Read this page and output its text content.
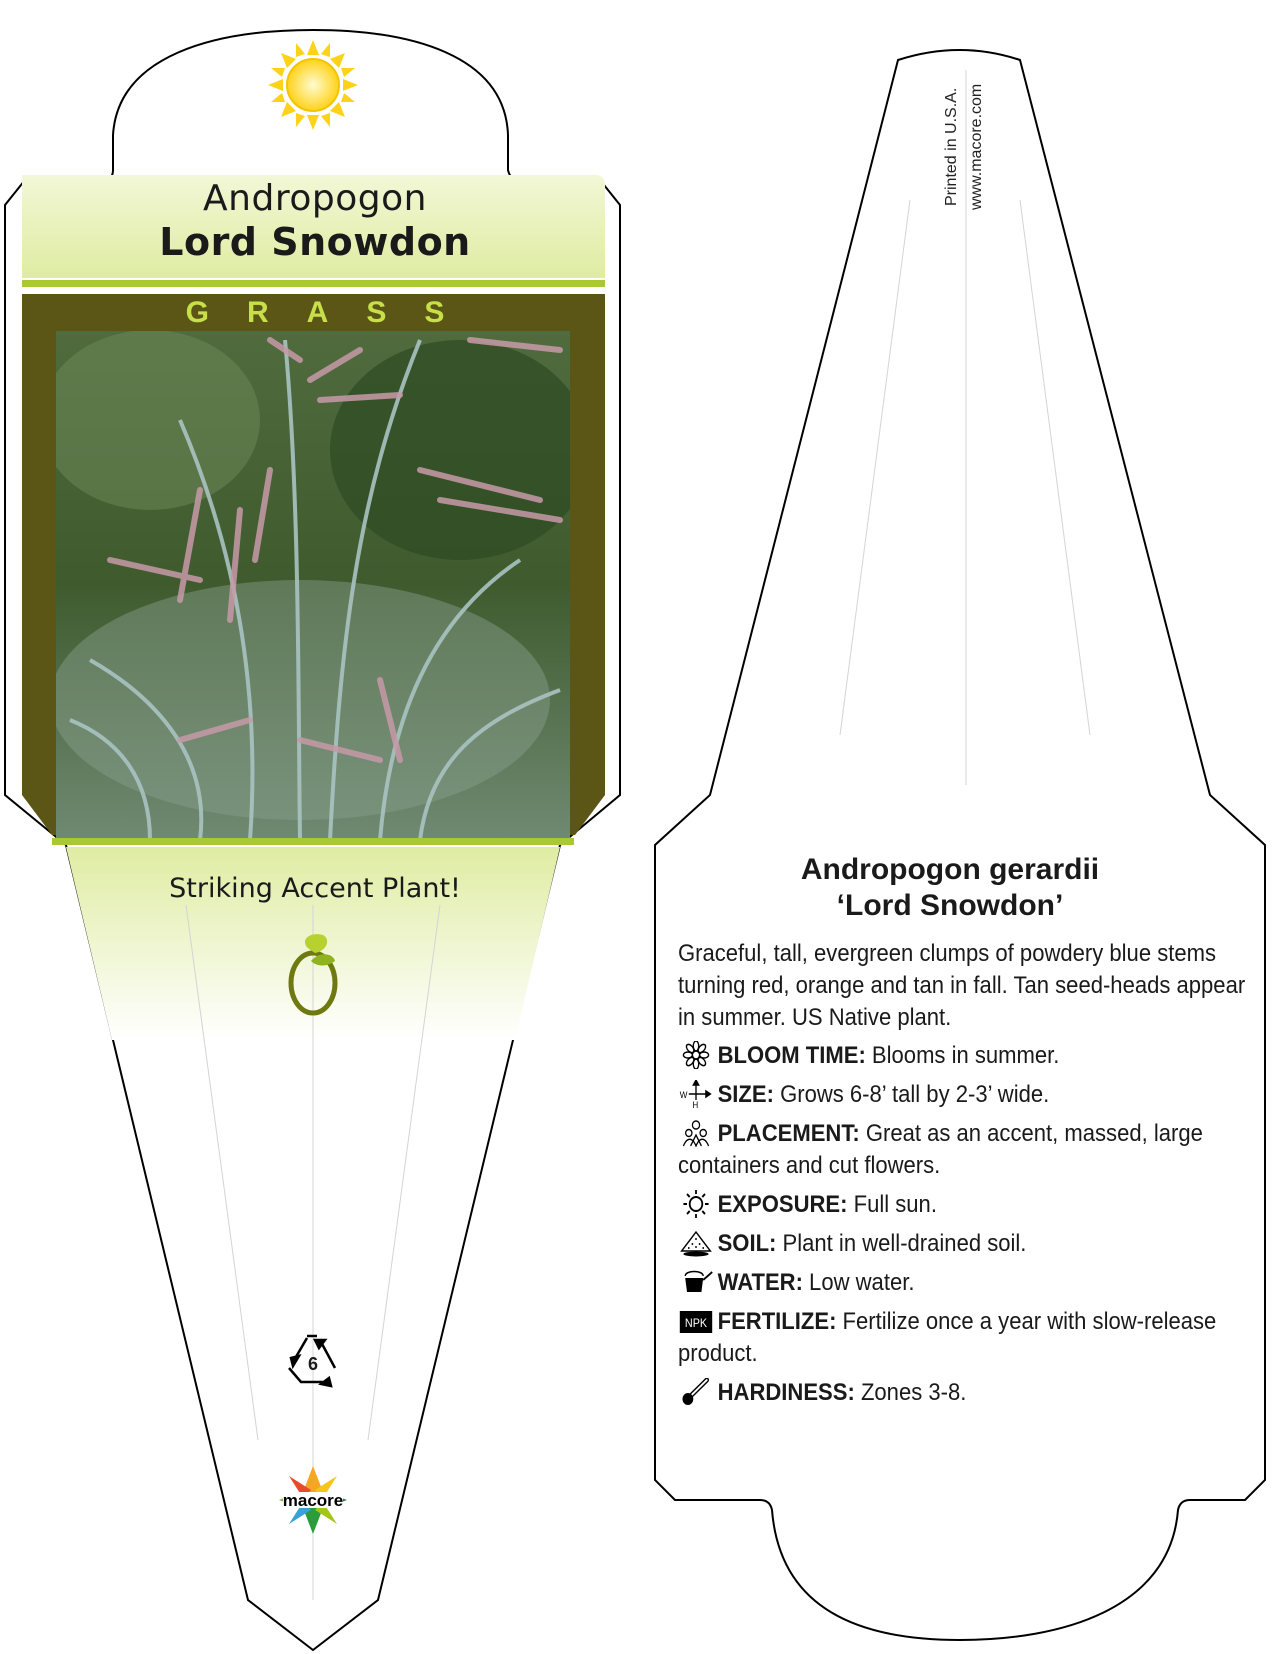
macore
Andropogon
Lord Snowdon
GRASS
Striking Accent Plant!
6
Printed in U.S.A. www.macore.com
Andropogon gerardii
‘Lord Snowdon’

Graceful, tall, evergreen clumps of powdery blue stems turning red, orange and tan in fall. Tan seed-heads appear in summer. US Native plant.

BLOOM TIME: Blooms in summer.
W
H SIZE: Grows 6-8’ tall by 2-3’ wide.
PLACEMENT: Great as an accent, massed, large containers and cut flowers.
EXPOSURE: Full sun.
SOIL: Plant in well-drained soil.
WATER: Low water.
NPK FERTILIZE: Fertilize once a year with slow-release product.
HARDINESS: Zones 3-8.
